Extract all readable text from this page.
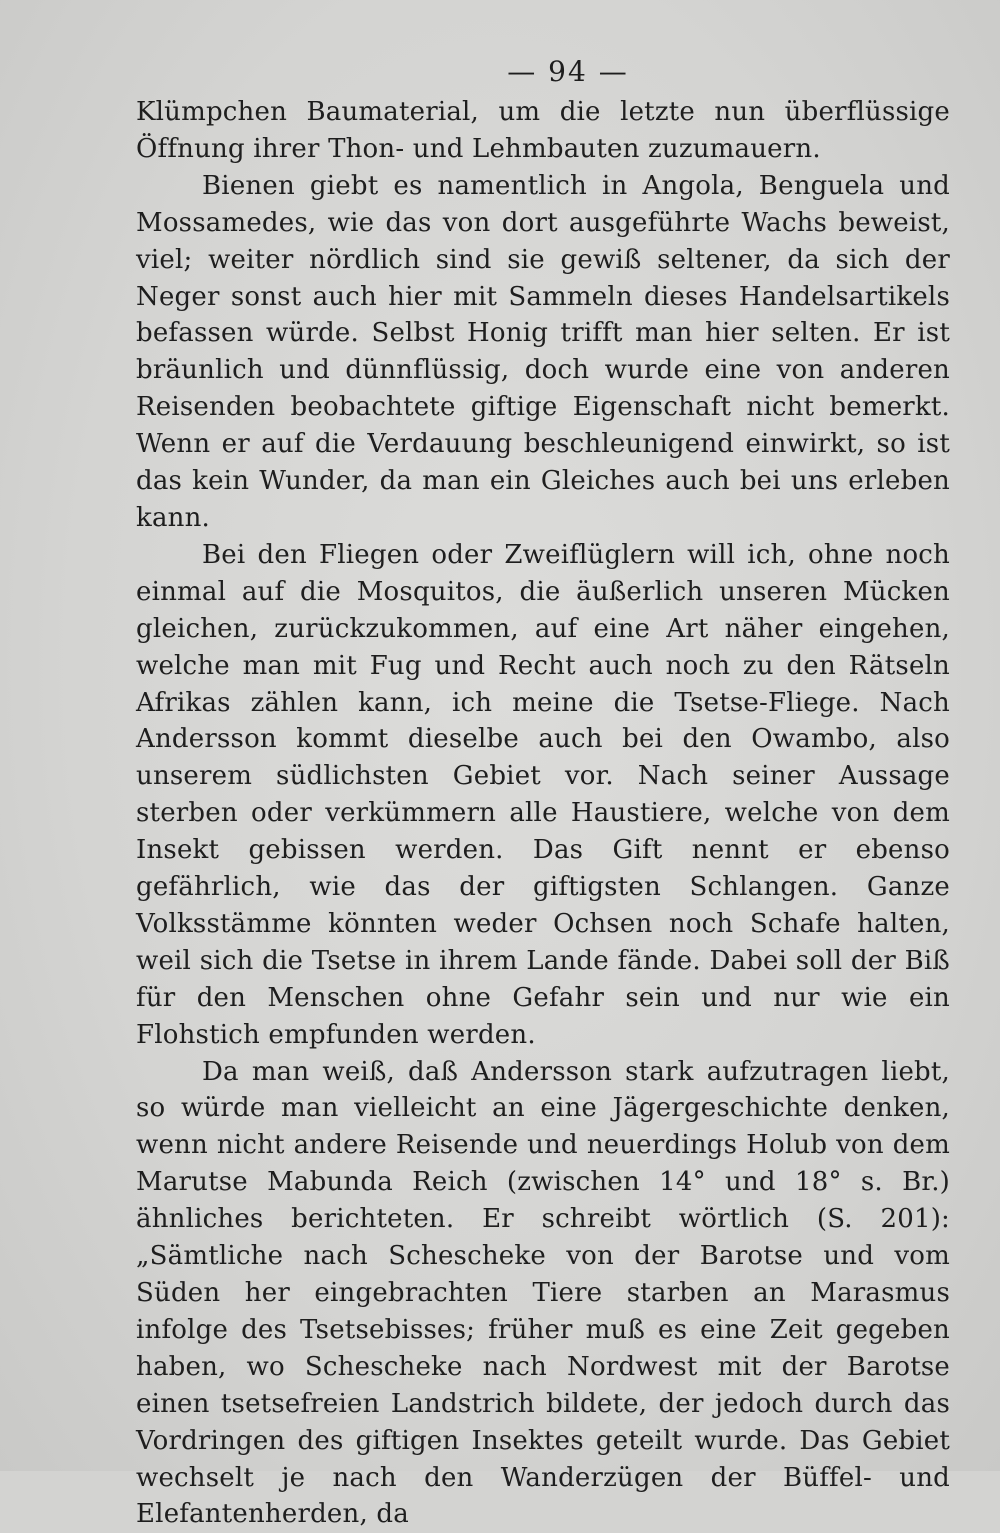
— 94 —

Klümpchen Baumaterial, um die letzte nun überflüssige Öffnung ihrer Thon- und Lehmbauten zuzumauern.

Bienen giebt es namentlich in Angola, Benguela und Mossamedes, wie das von dort ausgeführte Wachs beweist, viel; weiter nördlich sind sie gewiß seltener, da sich der Neger sonst auch hier mit Sammeln dieses Handelsartikels befassen würde. Selbst Honig trifft man hier selten. Er ist bräunlich und dünnflüssig, doch wurde eine von anderen Reisenden beobachtete giftige Eigenschaft nicht bemerkt. Wenn er auf die Verdauung beschleunigend einwirkt, so ist das kein Wunder, da man ein Gleiches auch bei uns erleben kann.

Bei den Fliegen oder Zweiflüglern will ich, ohne noch einmal auf die Mosquitos, die äußerlich unseren Mücken gleichen, zurückzukommen, auf eine Art näher eingehen, welche man mit Fug und Recht auch noch zu den Rätseln Afrikas zählen kann, ich meine die Tsetse-Fliege. Nach Andersson kommt dieselbe auch bei den Owambo, also unserem südlichsten Gebiet vor. Nach seiner Aussage sterben oder verkümmern alle Haustiere, welche von dem Insekt gebissen werden. Das Gift nennt er ebenso gefährlich, wie das der giftigsten Schlangen. Ganze Volksstämme könnten weder Ochsen noch Schafe halten, weil sich die Tsetse in ihrem Lande fände. Dabei soll der Biß für den Menschen ohne Gefahr sein und nur wie ein Flohstich empfunden werden.

Da man weiß, daß Andersson stark aufzutragen liebt, so würde man vielleicht an eine Jägergeschichte denken, wenn nicht andere Reisende und neuerdings Holub von dem Marutse Mabunda Reich (zwischen 14° und 18° s. Br.) ähnliches berichteten. Er schreibt wörtlich (S. 201): „Sämtliche nach Schescheke von der Barotse und vom Süden her eingebrachten Tiere starben an Marasmus infolge des Tsetsebisses; früher muß es eine Zeit gegeben haben, wo Schescheke nach Nordwest mit der Barotse einen tsetsefreien Landstrich bildete, der jedoch durch das Vordringen des giftigen Insektes geteilt wurde. Das Gebiet wechselt je nach den Wanderzügen der Büffel- und Elefantenherden, da
